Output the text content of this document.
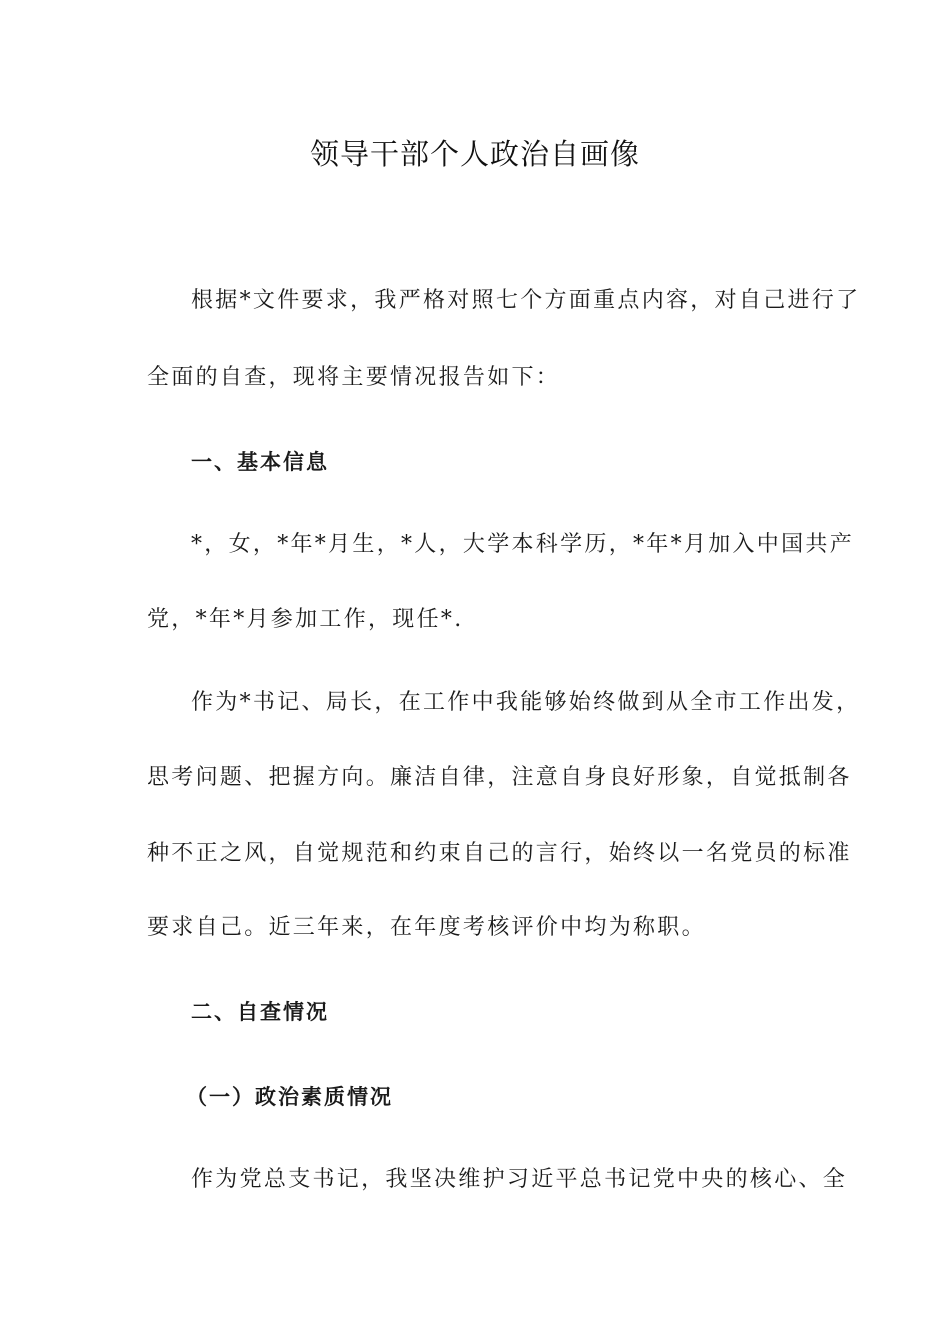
领导干部个人政治自画像
根据*文件要求，我严格对照七个方面重点内容，对自己进行了
全面的自查，现将主要情况报告如下：
一、基本信息
*，女，*年*月生，*人，大学本科学历，*年*月加入中国共产
党，*年*月参加工作，现任*.
作为*书记、局长，在工作中我能够始终做到从全市工作出发，
思考问题、把握方向。廉洁自律，注意自身良好形象，自觉抵制各
种不正之风，自觉规范和约束自己的言行，始终以一名党员的标准
要求自己。近三年来，在年度考核评价中均为称职。
二、自查情况
（一）政治素质情况
作为党总支书记，我坚决维护习近平总书记党中央的核心、全
